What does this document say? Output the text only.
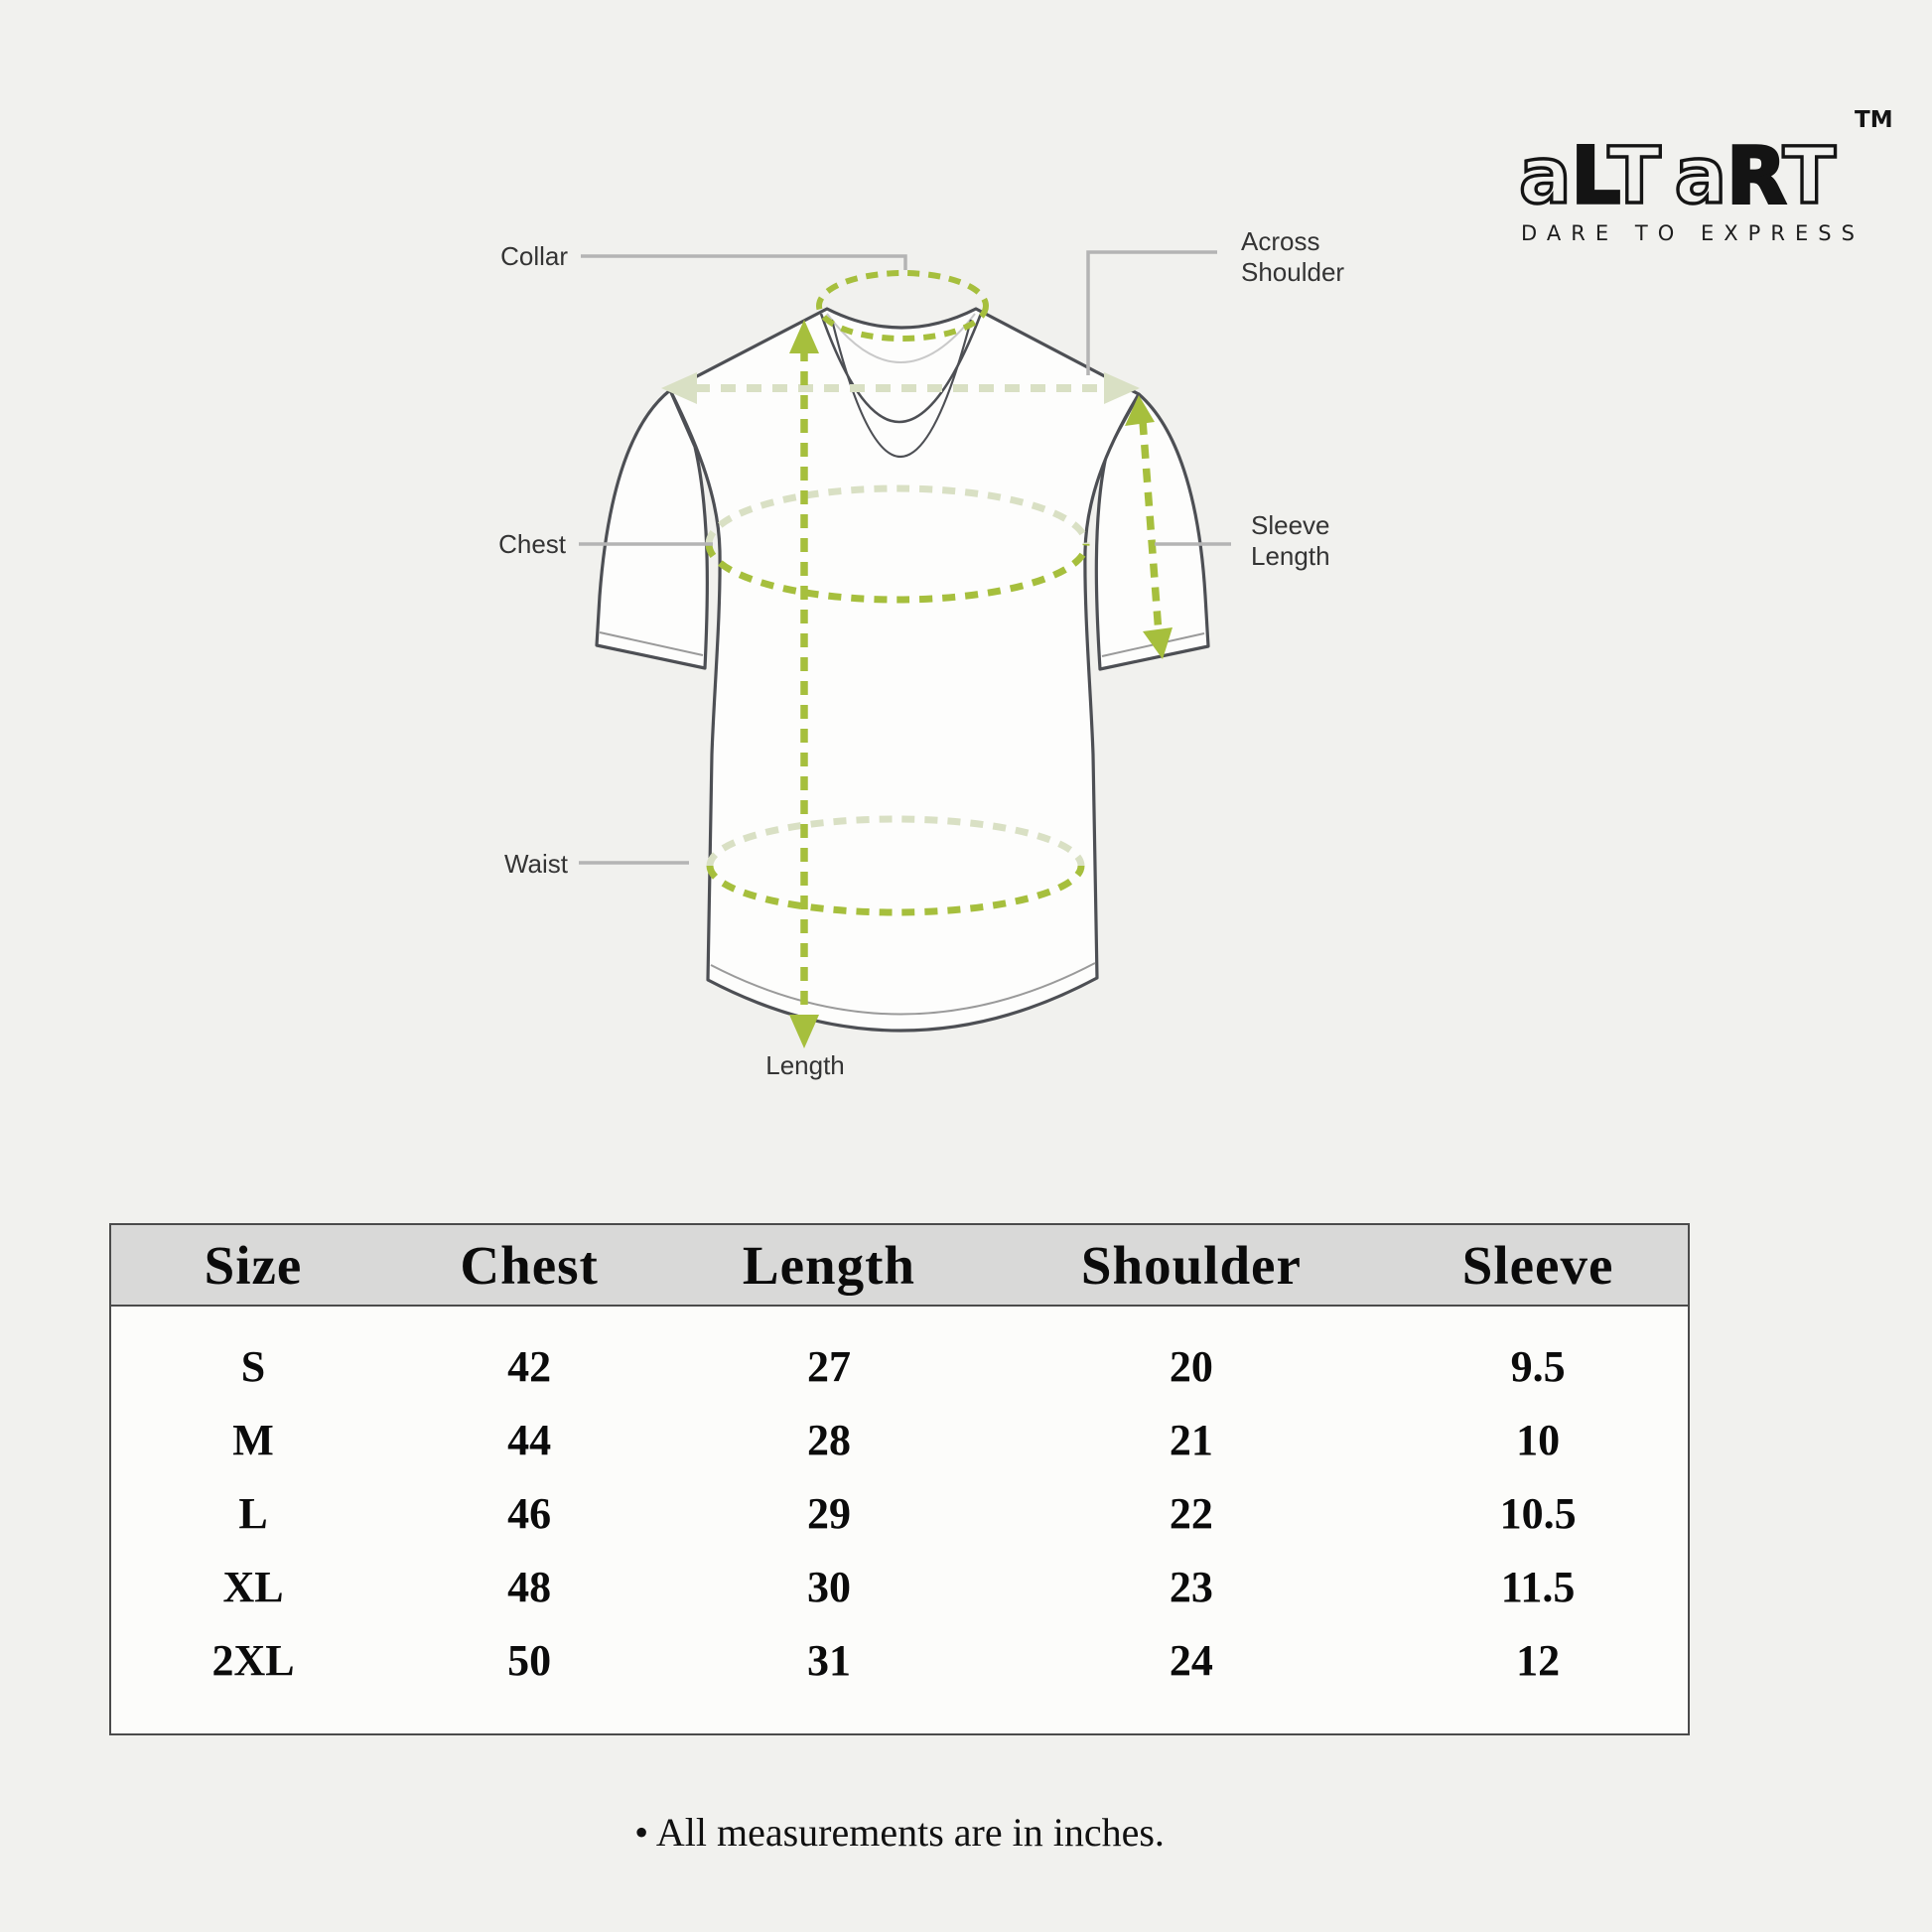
Collar
Chest
Waist
Length
Across
Shoulder
Sleeve
Length
aLT aRT
TM
DARE TO EXPRESS
Size	Chest	Length	Shoulder	Sleeve
S	42	27	20	9.5
M	44	28	21	10
L	46	29	22	10.5
XL	48	30	23	11.5
2XL	50	31	24	12
• All measurements are in inches.
